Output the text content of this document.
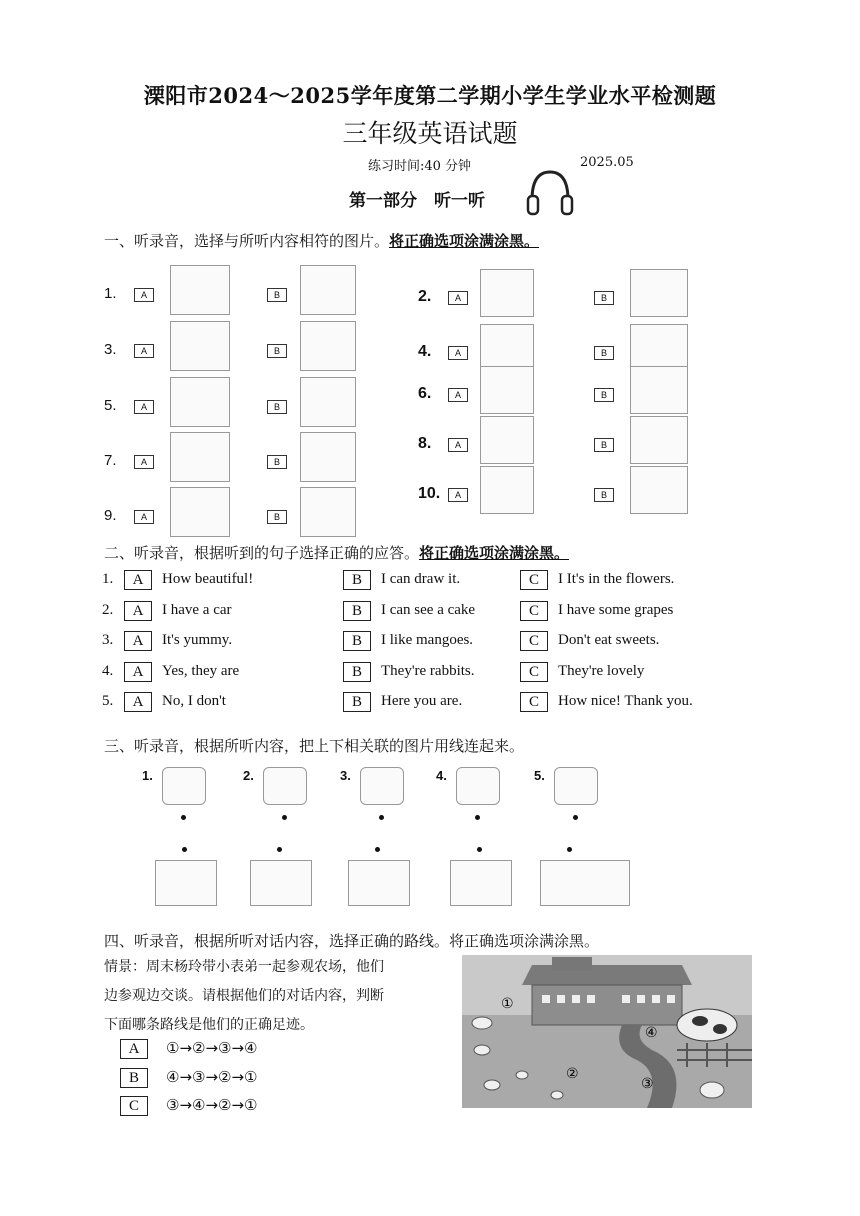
溧阳市2024～2025学年度第二学期小学生学业水平检测题
三年级英语试题
练习时间:40 分钟	2025.05
第一部分　听一听
一、听录音，选择与所听内容相符的图片。将正确选项涂满涂黑。
1.	A	B
3.	A	B
5.	A	B
7.	A	B
9.	A	B
2.	A	B
4.	A	B
6.	A	B
8.	A	B
10.	A	B
二、听录音，根据听到的句子选择正确的应答。将正确选项涂满涂黑。
1.	A	How beautiful!	B	I can draw it.	C	I It's in the flowers.
2.	A	I have a car	B	I can see a cake	C	I have some grapes
3.	A	It's yummy.	B	I like mangoes.	C	Don't eat sweets.
4.	A	Yes, they are	B	They're rabbits.	C	They're lovely
5.	A	No, I don't	B	Here you are.	C	How nice! Thank you.
三、听录音，根据所听内容，把上下相关联的图片用线连起来。
1.	2.	3.	4.	5.
四、听录音，根据所听对话内容，选择正确的路线。将正确选项涂满涂黑。
情景：周末杨玲带小表弟一起参观农场，他们
边参观边交谈。请根据他们的对话内容，判断
下面哪条路线是他们的正确足迹。
A	①→②→③→④
B	④→③→②→①
C	③→④→②→①
①
②
③
④
